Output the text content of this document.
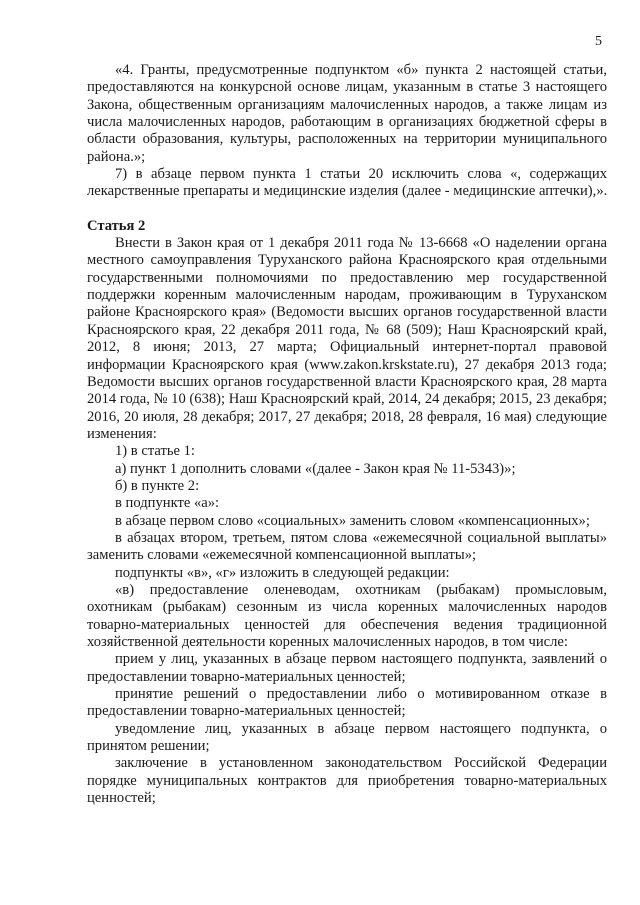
5
«4. Гранты, предусмотренные подпунктом «б» пункта 2 настоящей статьи,
предоставляются на конкурсной основе лицам, указанным в статье 3 настоящего
Закона, общественным организациям малочисленных народов, а также лицам из
числа малочисленных народов, работающим в организациях бюджетной сферы в
области образования, культуры, расположенных на территории муниципального
района.»;
7) в абзаце первом пункта 1 статьи 20 исключить слова «, содержащих
лекарственные препараты и медицинские изделия (далее - медицинские аптечки),».
Статья 2
Внести в Закон края от 1 декабря 2011 года № 13-6668 «О наделении органа
местного самоуправления Туруханского района Красноярского края отдельными
государственными полномочиями по предоставлению мер государственной
поддержки коренным малочисленным народам, проживающим в Туруханском
районе Красноярского края» (Ведомости высших органов государственной власти
Красноярского края, 22 декабря 2011 года, № 68 (509); Наш Красноярский край,
2012, 8 июня; 2013, 27 марта; Официальный интернет-портал правовой
информации Красноярского края (www.zakon.krskstate.ru), 27 декабря 2013 года;
Ведомости высших органов государственной власти Красноярского края, 28 марта
2014 года, № 10 (638); Наш Красноярский край, 2014, 24 декабря; 2015, 23 декабря;
2016, 20 июля, 28 декабря; 2017, 27 декабря; 2018, 28 февраля, 16 мая) следующие
изменения:
1) в статье 1:
а) пункт 1 дополнить словами «(далее - Закон края № 11-5343)»;
б) в пункте 2:
в подпункте «а»:
в абзаце первом слово «социальных» заменить словом «компенсационных»;
в абзацах втором, третьем, пятом слова «ежемесячной социальной выплаты»
заменить словами «ежемесячной компенсационной выплаты»;
подпункты «в», «г» изложить в следующей редакции:
«в) предоставление оленеводам, охотникам (рыбакам) промысловым,
охотникам (рыбакам) сезонным из числа коренных малочисленных народов
товарно-материальных ценностей для обеспечения ведения традиционной
хозяйственной деятельности коренных малочисленных народов, в том числе:
прием у лиц, указанных в абзаце первом настоящего подпункта, заявлений о
предоставлении товарно-материальных ценностей;
принятие решений о предоставлении либо о мотивированном отказе в
предоставлении товарно-материальных ценностей;
уведомление лиц, указанных в абзаце первом настоящего подпункта, о
принятом решении;
заключение в установленном законодательством Российской Федерации
порядке муниципальных контрактов для приобретения товарно-материальных
ценностей;
